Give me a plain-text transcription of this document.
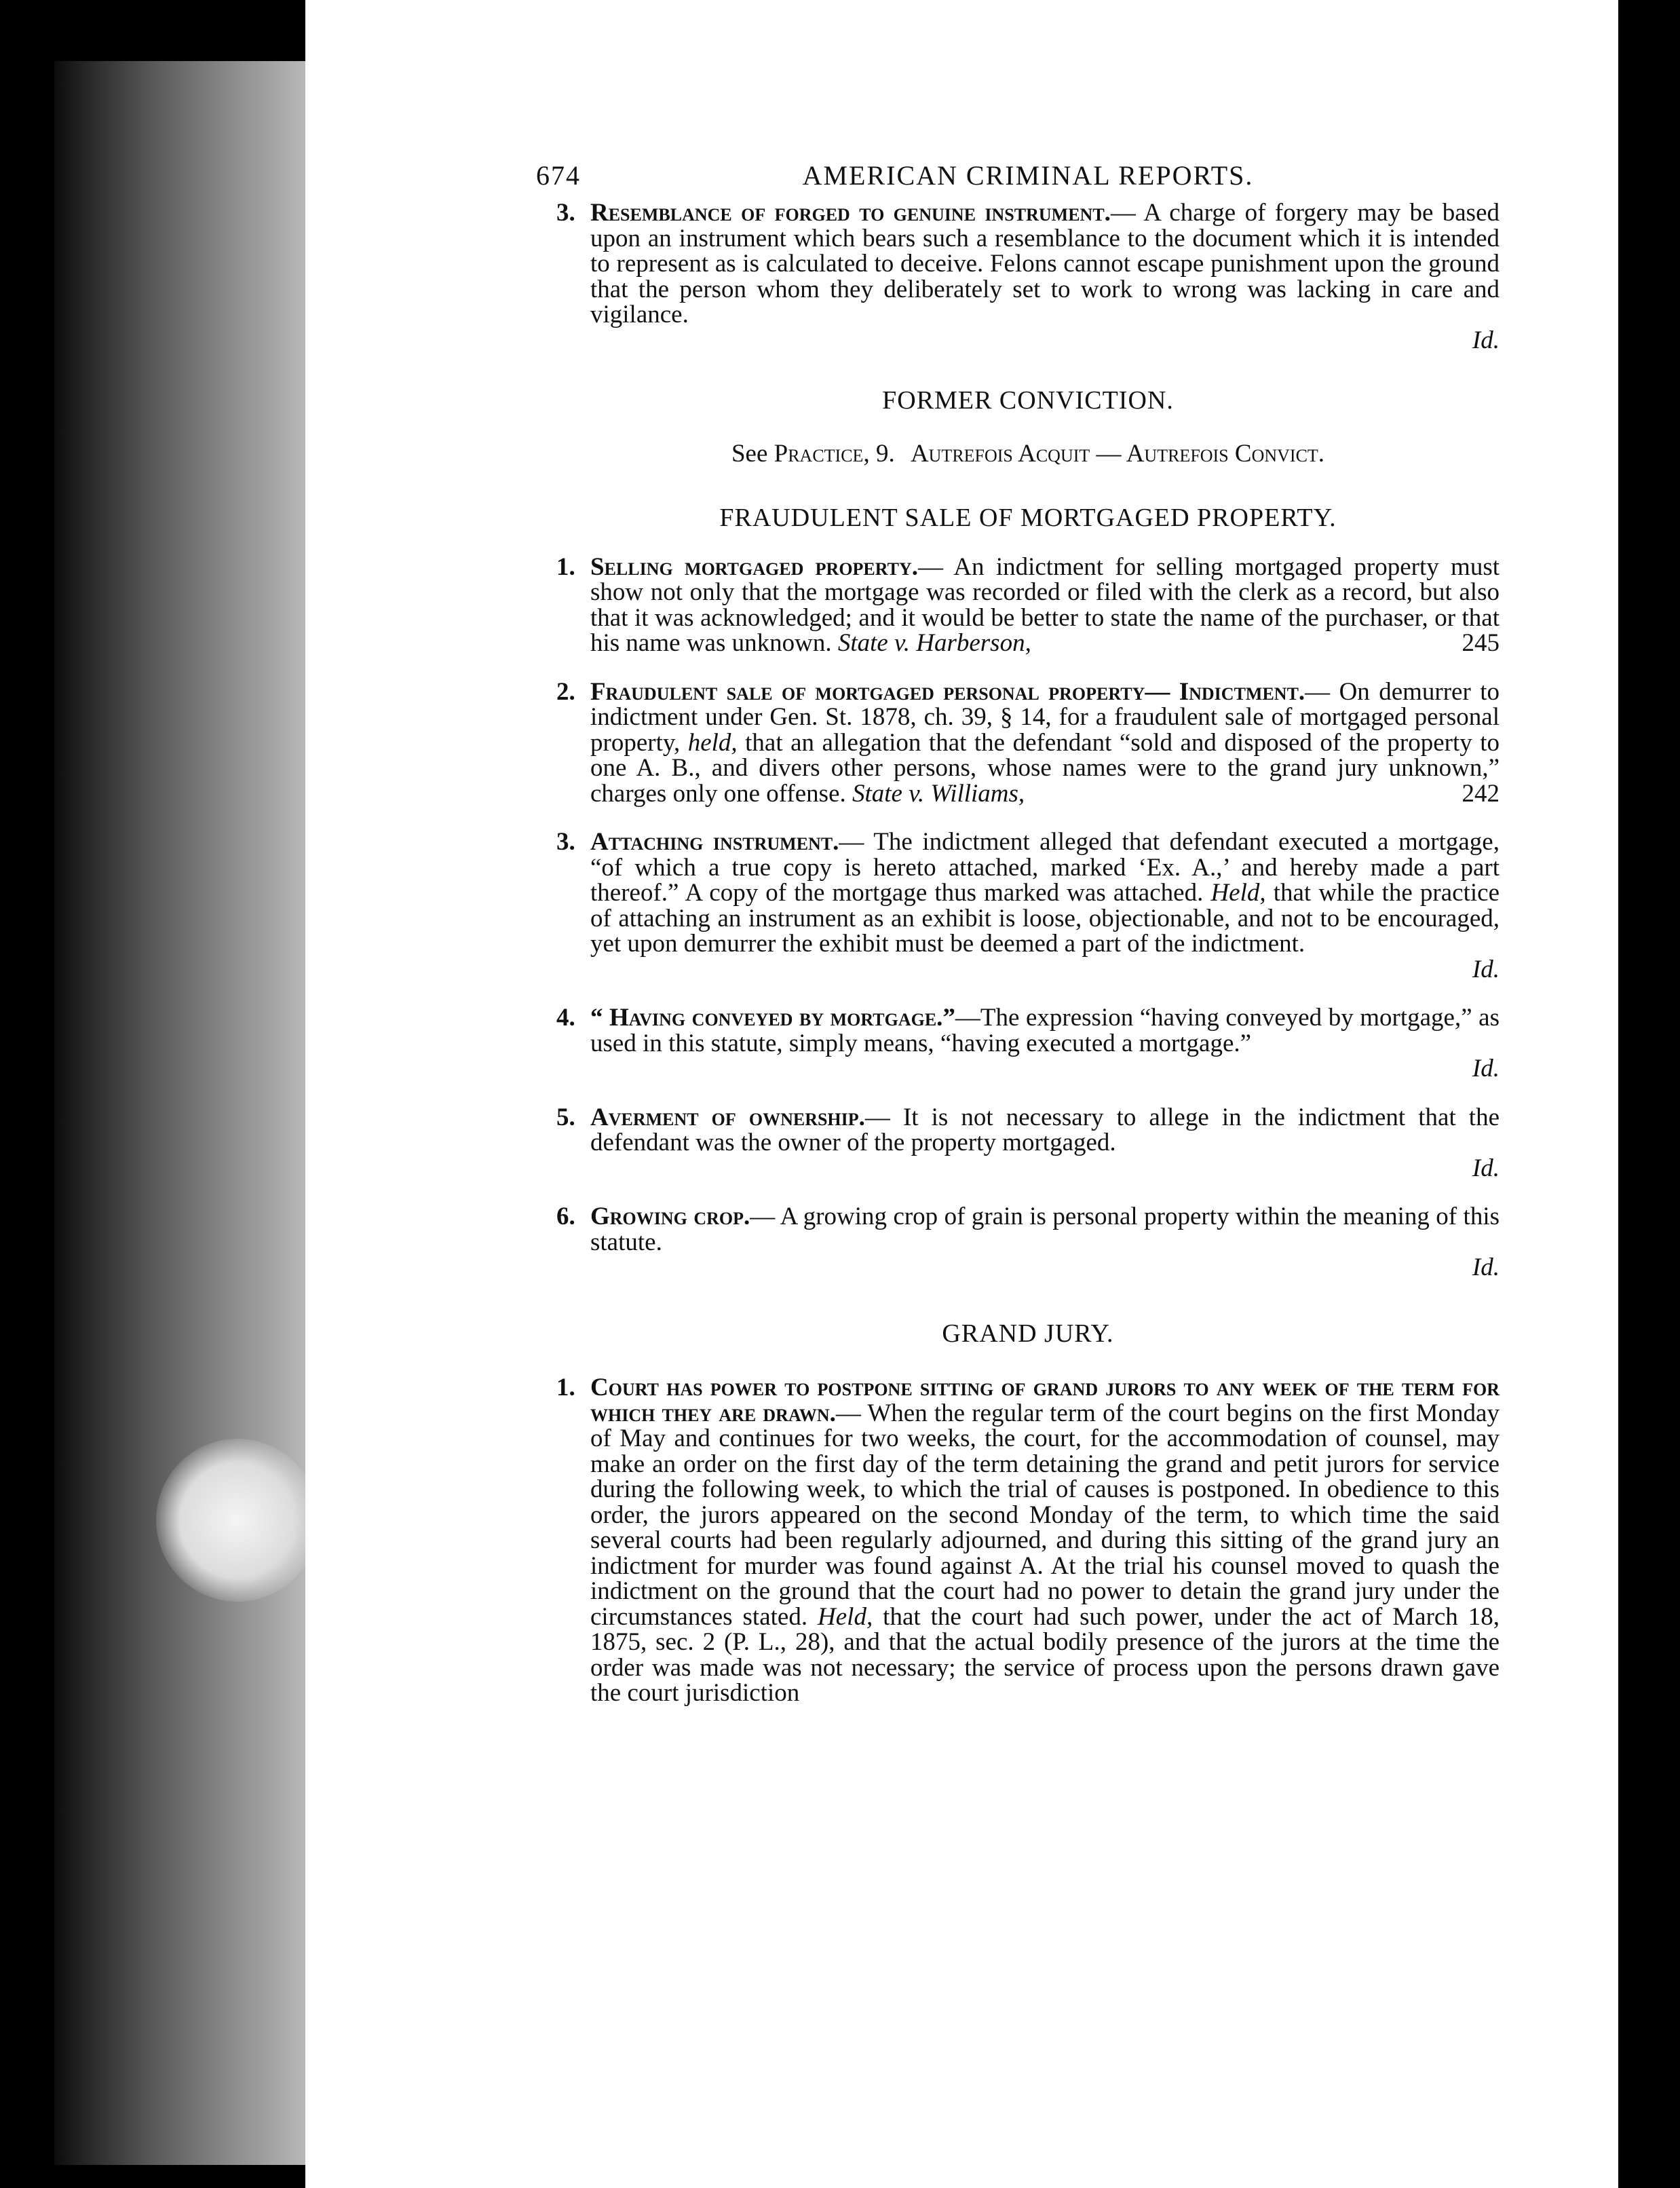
674	AMERICAN CRIMINAL REPORTS.

3. Resemblance of forged to genuine instrument.— A charge of forgery may be based upon an instrument which bears such a resemblance to the document which it is intended to represent as is calculated to deceive. Felons cannot escape punishment upon the ground that the person whom they deliberately set to work to wrong was lacking in care and vigilance.
Id.

FORMER CONVICTION.

See Practice, 9. Autrefois Acquit — Autrefois Convict.

FRAUDULENT SALE OF MORTGAGED PROPERTY.

1. Selling mortgaged property.— An indictment for selling mortgaged property must show not only that the mortgage was recorded or filed with the clerk as a record, but also that it was acknowledged; and it would be better to state the name of the purchaser, or that his name was unknown. State v. Harberson,	245

2. Fraudulent sale of mortgaged personal property— Indictment.— On demurrer to indictment under Gen. St. 1878, ch. 39, § 14, for a fraudulent sale of mortgaged personal property, held, that an allegation that the defendant “sold and disposed of the property to one A. B., and divers other persons, whose names were to the grand jury unknown,” charges only one offense. State v. Williams,	242

3. Attaching instrument.— The indictment alleged that defendant executed a mortgage, “of which a true copy is hereto attached, marked ‘Ex. A.,’ and hereby made a part thereof.” A copy of the mortgage thus marked was attached. Held, that while the practice of attaching an instrument as an exhibit is loose, objectionable, and not to be encouraged, yet upon demurrer the exhibit must be deemed a part of the indictment.
Id.

4. “ Having conveyed by mortgage.”—The expression “having conveyed by mortgage,” as used in this statute, simply means, “having executed a mortgage.”
Id.

5. Averment of ownership.— It is not necessary to allege in the indictment that the defendant was the owner of the property mortgaged.
Id.

6. Growing crop.— A growing crop of grain is personal property within the meaning of this statute.
Id.

GRAND JURY.

1. Court has power to postpone sitting of grand jurors to any week of the term for which they are drawn.— When the regular term of the court begins on the first Monday of May and continues for two weeks, the court, for the accommodation of counsel, may make an order on the first day of the term detaining the grand and petit jurors for service during the following week, to which the trial of causes is postponed. In obedience to this order, the jurors appeared on the second Monday of the term, to which time the said several courts had been regularly adjourned, and during this sitting of the grand jury an indictment for murder was found against A. At the trial his counsel moved to quash the indictment on the ground that the court had no power to detain the grand jury under the circumstances stated. Held, that the court had such power, under the act of March 18, 1875, sec. 2 (P. L., 28), and that the actual bodily presence of the jurors at the time the order was made was not necessary; the service of process upon the persons drawn gave the court jurisdiction
